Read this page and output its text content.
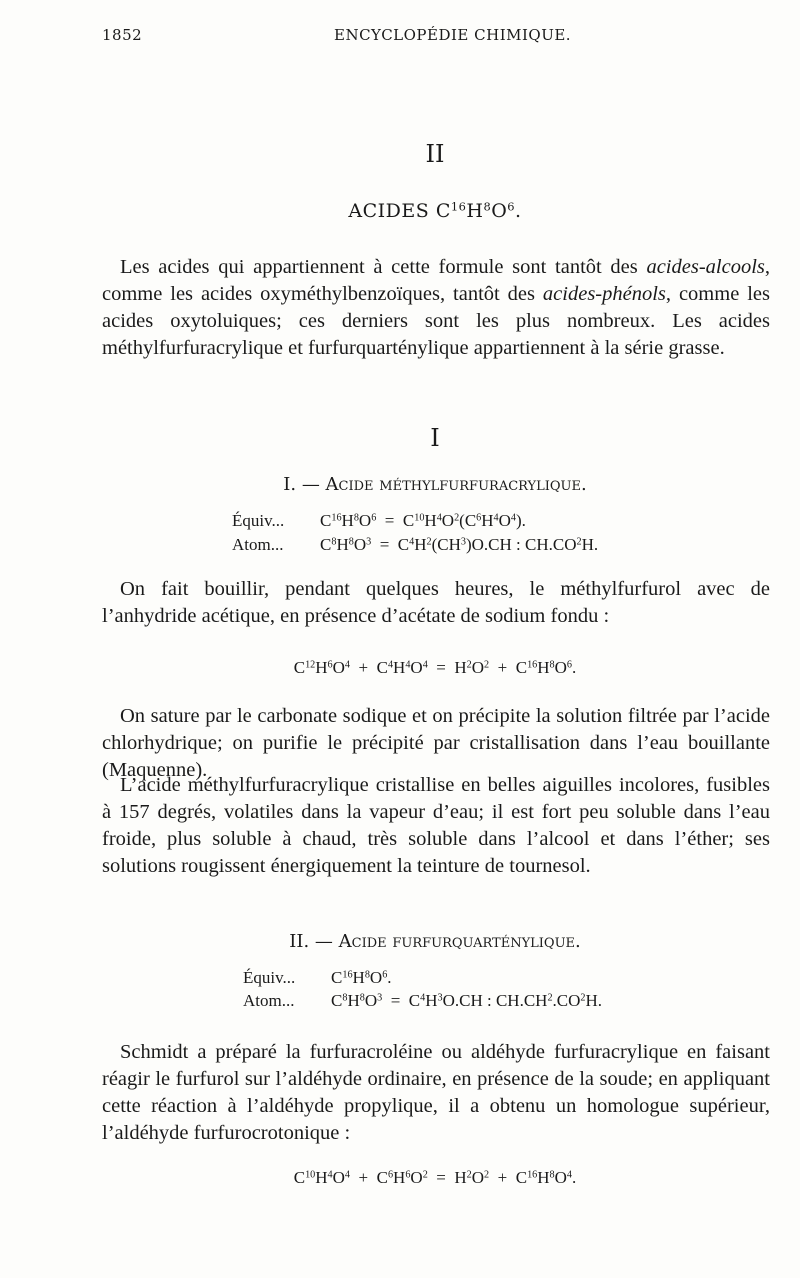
1852	ENCYCLOPÉDIE CHIMIQUE.
II
ACIDES $C^{16}H^8O^6$.

Les acides qui appartiennent à cette formule sont tantôt des acides-alcools, comme les acides oxyméthylbenzoïques, tantôt des acides-phénols, comme les acides oxytoluiques; ces derniers sont les plus nombreux. Les acides méthylfurfuracrylique et furfurquarténylique appartiennent à la série grasse.

I
I. — Acide méthylfurfuracrylique.
Équiv... $C^{16}H^8O^6 = C^{10}H^4O^2(C^6H^4O^4)$.
Atom... $C^8H^8O^3 = C^4H^2(CH^3)O.CH$ : $CH.CO^2H$.

On fait bouillir, pendant quelques heures, le méthylfurfurol avec de l’anhydride acétique, en présence d’acétate de sodium fondu :

$C^{12}H^6O^4 + C^4H^4O^4 = H^2O^2 + C^{16}H^8O^6$.

On sature par le carbonate sodique et on précipite la solution filtrée par l’acide chlorhydrique; on purifie le précipité par cristallisation dans l’eau bouillante (Maquenne).

L’acide méthylfurfuracrylique cristallise en belles aiguilles incolores, fusibles à 157 degrés, volatiles dans la vapeur d’eau; il est fort peu soluble dans l’eau froide, plus soluble à chaud, très soluble dans l’alcool et dans l’éther; ses solutions rougissent énergiquement la teinture de tournesol.

II. — Acide furfurquarténylique.
Équiv... $C^{16}H^8O^6$.
Atom... $C^8H^8O^3 = C^4H^3O.CH$ : $CH.CH^2.CO^2H$.

Schmidt a préparé la furfuracroléine ou aldéhyde furfuracrylique en faisant réagir le furfurol sur l’aldéhyde ordinaire, en présence de la soude; en appliquant cette réaction à l’aldéhyde propylique, il a obtenu un homologue supérieur, l’aldéhyde furfurocrotonique :

$C^{10}H^4O^4 + C^6H^6O^2 = H^2O^2 + C^{16}H^8O^4$.
